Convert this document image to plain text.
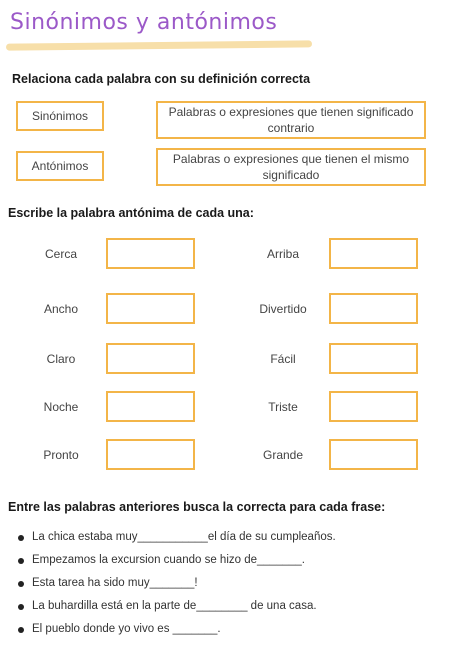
Sinónimos y antónimos
Relaciona cada palabra con su definición correcta
Sinónimos
Antónimos
Palabras o expresiones que tienen significado contrario
Palabras o expresiones que tienen el mismo significado
Escribe la palabra antónima de cada una:
Cerca	Arriba
Ancho	Divertido
Claro	Fácil
Noche	Triste
Pronto	Grande
Entre las palabras anteriores busca la correcta para cada frase:
La chica estaba muy___________el día de su cumpleaños.
Empezamos la excursion cuando se hizo de_______.
Esta tarea ha sido muy_______!
La buhardilla está en la parte de________ de una casa.
El pueblo donde yo vivo es _______.
